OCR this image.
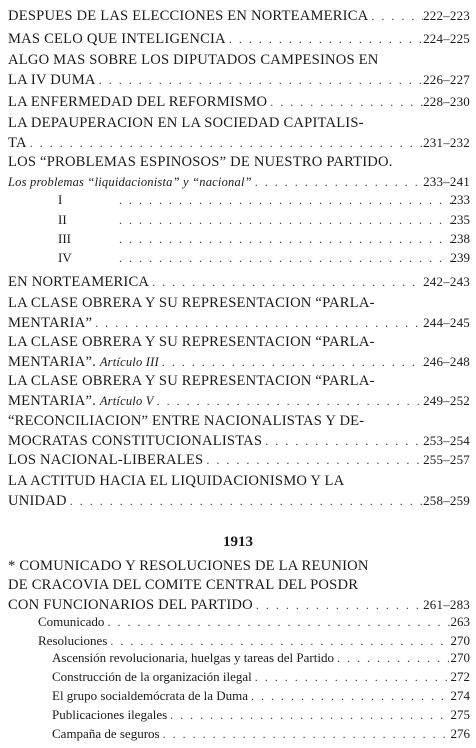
DESPUES DE LAS ELECCIONES EN NORTEAMERICA . . .	222–223
MAS CELO QUE INTELIGENCIA . . .	224–225
ALGO MAS SOBRE LOS DIPUTADOS CAMPESINOS EN
LA IV DUMA . . .	226–227
LA ENFERMEDAD DEL REFORMISMO . . .	228–230
LA DEPAUPERACION EN LA SOCIEDAD CAPITALIS-
TA . . .	231–232
LOS “PROBLEMAS ESPINOSOS” DE NUESTRO PARTIDO.
Los problemas “liquidacionista” y “nacional” . . .	233–241
I . . .	233
II . . .	235
III . . .	238
IV . . .	239
EN NORTEAMERICA . . .	242–243
LA CLASE OBRERA Y SU REPRESENTACION “PARLA-
MENTARIA” . . .	244–245
LA CLASE OBRERA Y SU REPRESENTACION “PARLA-
MENTARIA”. Artículo III . . .	246–248
LA CLASE OBRERA Y SU REPRESENTACION “PARLA-
MENTARIA”. Artículo V . . .	249–252
“RECONCILIACION” ENTRE NACIONALISTAS Y DE-
MOCRATAS CONSTITUCIONALISTAS . . .	253–254
LOS NACIONAL-LIBERALES . . .	255–257
LA ACTITUD HACIA EL LIQUIDACIONISMO Y LA
UNIDAD . . .	258–259
1913
* COMUNICADO Y RESOLUCIONES DE LA REUNION
DE CRACOVIA DEL COMITE CENTRAL DEL POSDR
CON FUNCIONARIOS DEL PARTIDO . . .	261–283
Comunicado . . .	263
Resoluciones . . .	270
Ascensión revolucionaria, huelgas y tareas del Partido . . .	270
Construcción de la organización ilegal . . .	272
El grupo socialdemócrata de la Duma . . .	274
Publicaciones ilegales . . .	275
Campaña de seguros . . .	276
